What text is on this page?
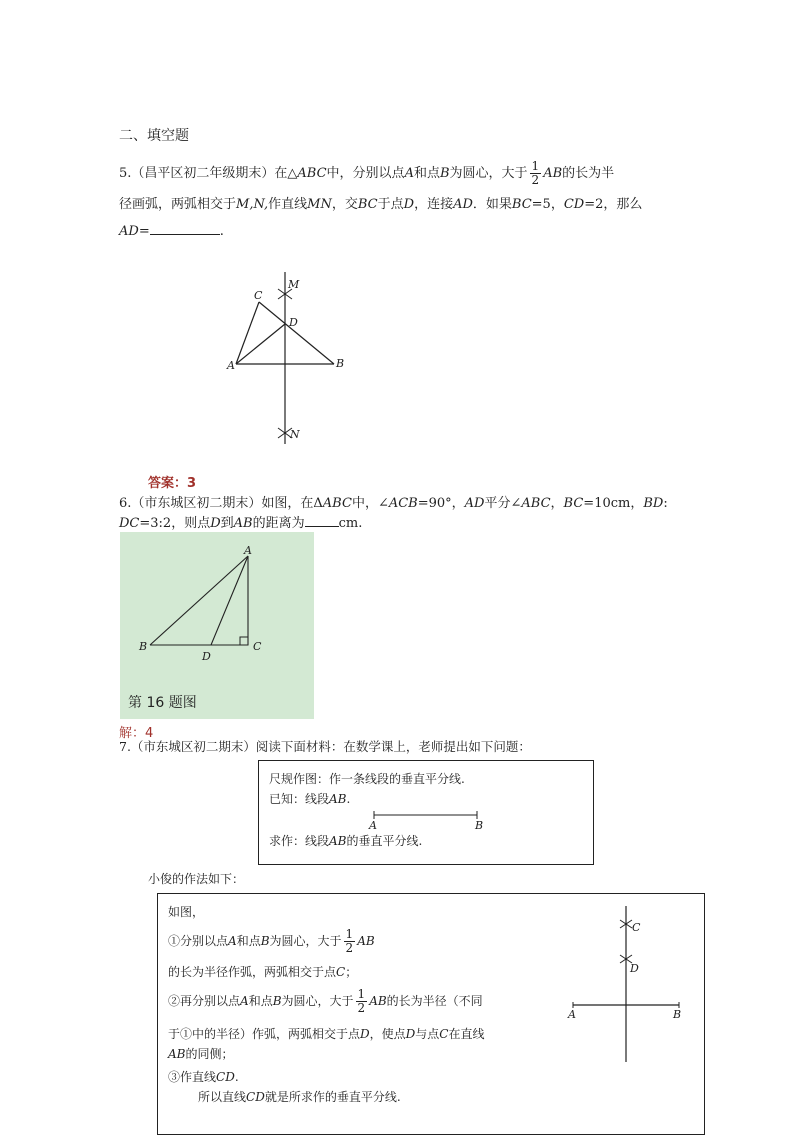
二、填空题
5.（昌平区初二年级期末）在△ABC中，分别以点A和点B为圆心，大于 $\frac{1}{2}$ AB的长为半
径画弧，两弧相交于M,N,作直线MN，交BC于点D，连接AD．如果BC=5，CD=2，那么
AD=	.
C
M
D
A	B
N
答案：3
6.（市东城区初二期末）如图，在ΔABC中，∠ACB=90°，AD平分∠ABC，BC=10cm，BD:
DC=3:2，则点D到AB的距离为	cm.
A
B
D
C
第 16 题图
解：4
7.（市东城区初二期末）阅读下面材料：在数学课上，老师提出如下问题：
尺规作图：作一条线段的垂直平分线.
已知：线段AB.
A	B
求作：线段AB的垂直平分线.
小俊的作法如下：
如图，
①分别以点A和点B为圆心，大于 $\frac{1}{2}$ AB
的长为半径作弧，两弧相交于点C；
②再分别以点A和点B为圆心，大于 $\frac{1}{2}$ AB的长为半径（不同
于①中的半径）作弧，两弧相交于点D，使点D与点C在直线
AB的同侧；
③作直线CD.
所以直线CD就是所求作的垂直平分线.
C
D
A	B
